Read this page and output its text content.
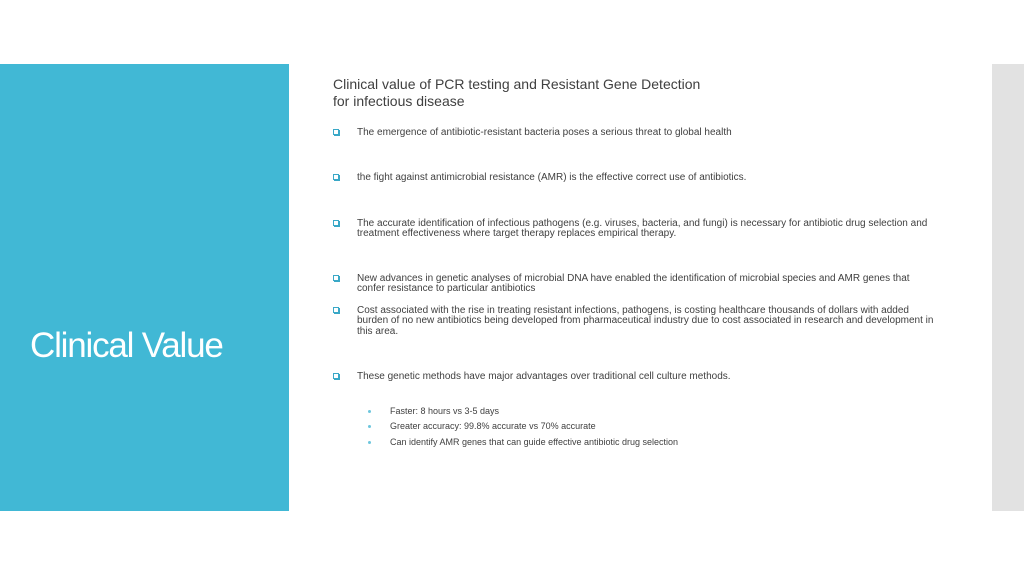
Clinical Value
Clinical value of PCR testing and Resistant Gene Detection
for infectious disease
The emergence of antibiotic-resistant bacteria poses a serious threat to global health
the fight against antimicrobial resistance (AMR) is the effective correct use of antibiotics.
The accurate identification of infectious pathogens (e.g. viruses, bacteria, and fungi) is necessary for antibiotic drug selection and treatment effectiveness where target therapy replaces empirical therapy.
New advances in genetic analyses of microbial DNA have enabled the identification of microbial species and AMR genes that confer resistance to particular antibiotics
Cost associated with the rise in treating resistant infections, pathogens, is costing healthcare thousands of dollars with added burden of no new antibiotics being developed from pharmaceutical industry due to cost associated in research and development in this area.
These genetic methods have major advantages over traditional cell culture methods.
Faster: 8 hours vs 3-5 days
Greater accuracy: 99.8% accurate vs 70% accurate
Can identify AMR genes that can guide effective antibiotic drug selection
